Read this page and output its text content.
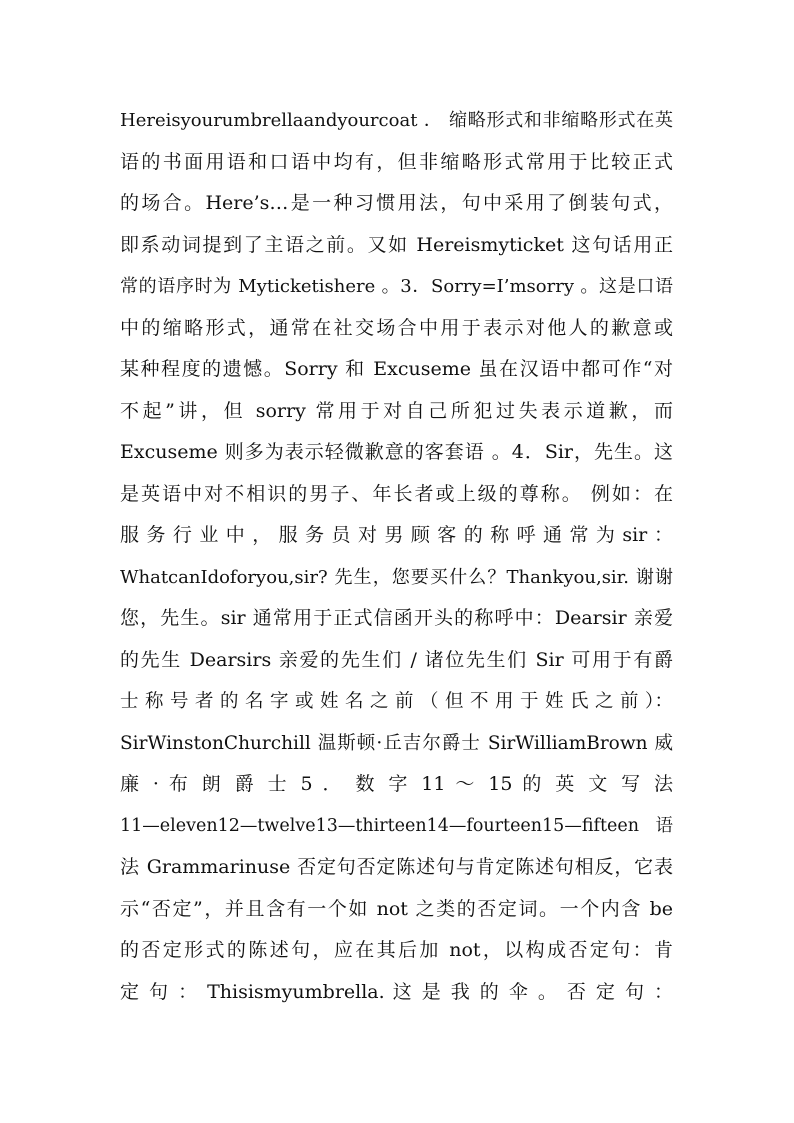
Hereisyourumbrellaandyourcoat ． 缩略形式和非缩略形式在英
语的书面用语和口语中均有，但非缩略形式常用于比较正式
的场合。Here’s…是一种习惯用法，句中采用了倒装句式，
即系动词提到了主语之前。又如 Hereismyticket 这句话用正
常的语序时为 Myticketishere 。3．Sorry=I’msorry 。这是口语
中的缩略形式，通常在社交场合中用于表示对他人的歉意或
某种程度的遗憾。Sorry 和 Excuseme 虽在汉语中都可作“对
不起”讲，但 sorry 常用于对自己所犯过失表示道歉，而
Excuseme 则多为表示轻微歉意的客套语 。4．Sir，先生。这
是英语中对不相识的男子、年长者或上级的尊称。 例如：在
服 务 行 业 中 ， 服 务 员 对 男 顾 客 的 称 呼 通 常 为 sir ：
WhatcanIdoforyou,sir? 先生，您要买什么？Thankyou,sir. 谢谢
您，先生。sir 通常用于正式信函开头的称呼中：Dearsir 亲爱
的先生 Dearsirs 亲爱的先生们 / 诸位先生们 Sir 可用于有爵
士 称 号 者 的 名 字 或 姓 名 之 前 （ 但 不 用 于 姓 氏 之 前 ）：
SirWinstonChurchill 温斯顿·丘吉尔爵士 SirWilliamBrown 威
廉 · 布 朗 爵 士 5 ． 数 字 11 ～ 15 的 英 文 写 法
11—eleven12—twelve13—thirteen14—fourteen15—fifteen 语
法 Grammarinuse 否定句否定陈述句与肯定陈述句相反，它表
示“否定”，并且含有一个如 not 之类的否定词。一个内含 be
的否定形式的陈述句，应在其后加 not，以构成否定句：肯
定 句 ： Thisismyumbrella. 这 是 我 的 伞 。 否 定 句 ：
